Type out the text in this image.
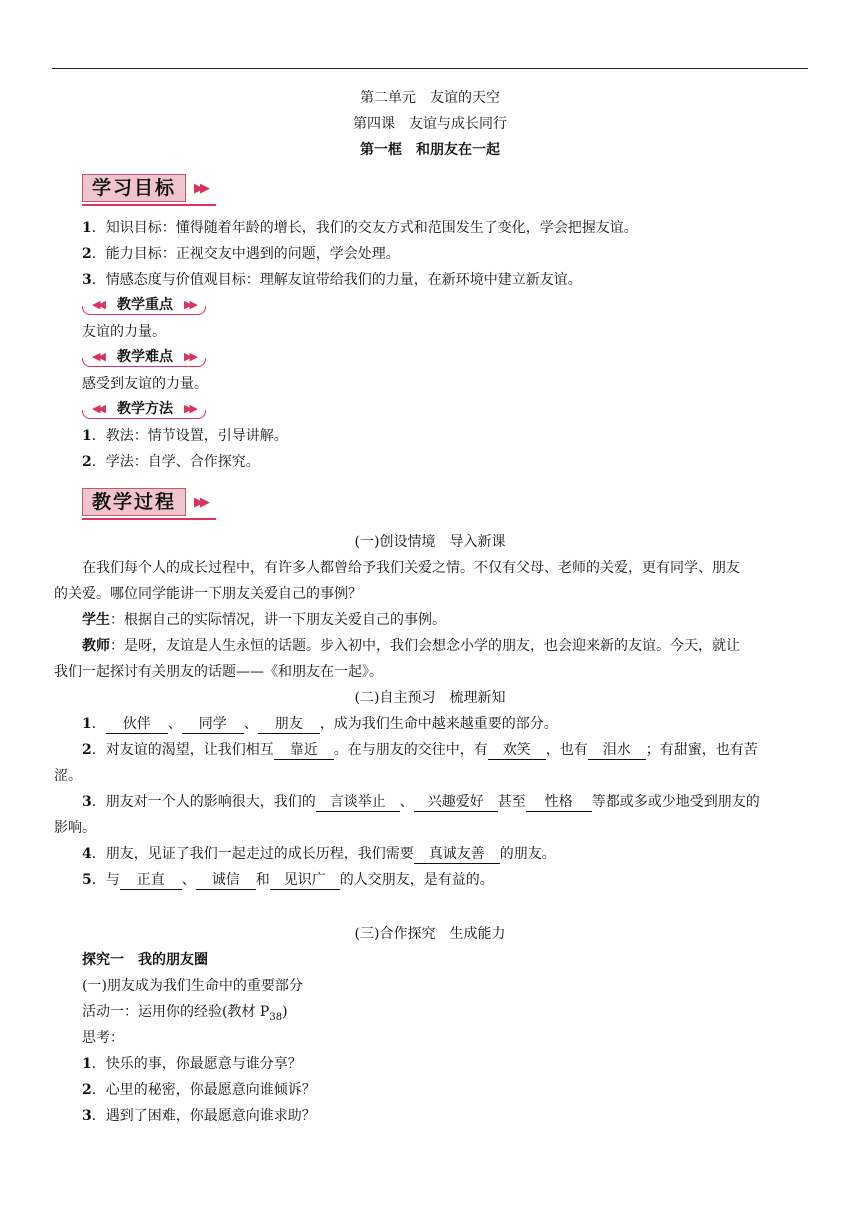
第二单元　友谊的天空
第四课　友谊与成长同行
第一框　和朋友在一起
学习目标	▶▶
1．知识目标：懂得随着年龄的增长，我们的交友方式和范围发生了变化，学会把握友谊。
2．能力目标：正视交友中遇到的问题，学会处理。
3．情感态度与价值观目标：理解友谊带给我们的力量，在新环境中建立新友谊。
◀◀	教学重点	▶▶
友谊的力量。
◀◀	教学难点	▶▶
感受到友谊的力量。
◀◀	教学方法	▶▶
1．教法：情节设置，引导讲解。
2．学法：自学、合作探究。
教学过程	▶▶
(一)创设情境　导入新课
在我们每个人的成长过程中，有许多人都曾给予我们关爱之情。不仅有父母、老师的关爱，更有同学、朋友
的关爱。哪位同学能讲一下朋友关爱自己的事例？
学生：根据自己的实际情况，讲一下朋友关爱自己的事例。
教师：是呀，友谊是人生永恒的话题。步入初中，我们会想念小学的朋友，也会迎来新的友谊。今天，就让
我们一起探讨有关朋友的话题——《和朋友在一起》。
(二)自主预习　梳理新知
1． 伙伴 、 同学 、 朋友 ，成为我们生命中越来越重要的部分。
2．对友谊的渴望，让我们相互 靠近 。在与朋友的交往中，有 欢笑 ，也有 泪水 ；有甜蜜，也有苦
涩。
3．朋友对一个人的影响很大，我们的 言谈举止 、 兴趣爱好 甚至 性格 等都或多或少地受到朋友的
影响。
4．朋友，见证了我们一起走过的成长历程，我们需要 真诚友善 的朋友。
5．与 正直 、 诚信 和 见识广 的人交朋友，是有益的。
(三)合作探究　生成能力
探究一　我的朋友圈
(一)朋友成为我们生命中的重要部分
活动一：运用你的经验(教材 $P_{38}$)
思考：
1．快乐的事，你最愿意与谁分享？
2．心里的秘密，你最愿意向谁倾诉？
3．遇到了困难，你最愿意向谁求助？
